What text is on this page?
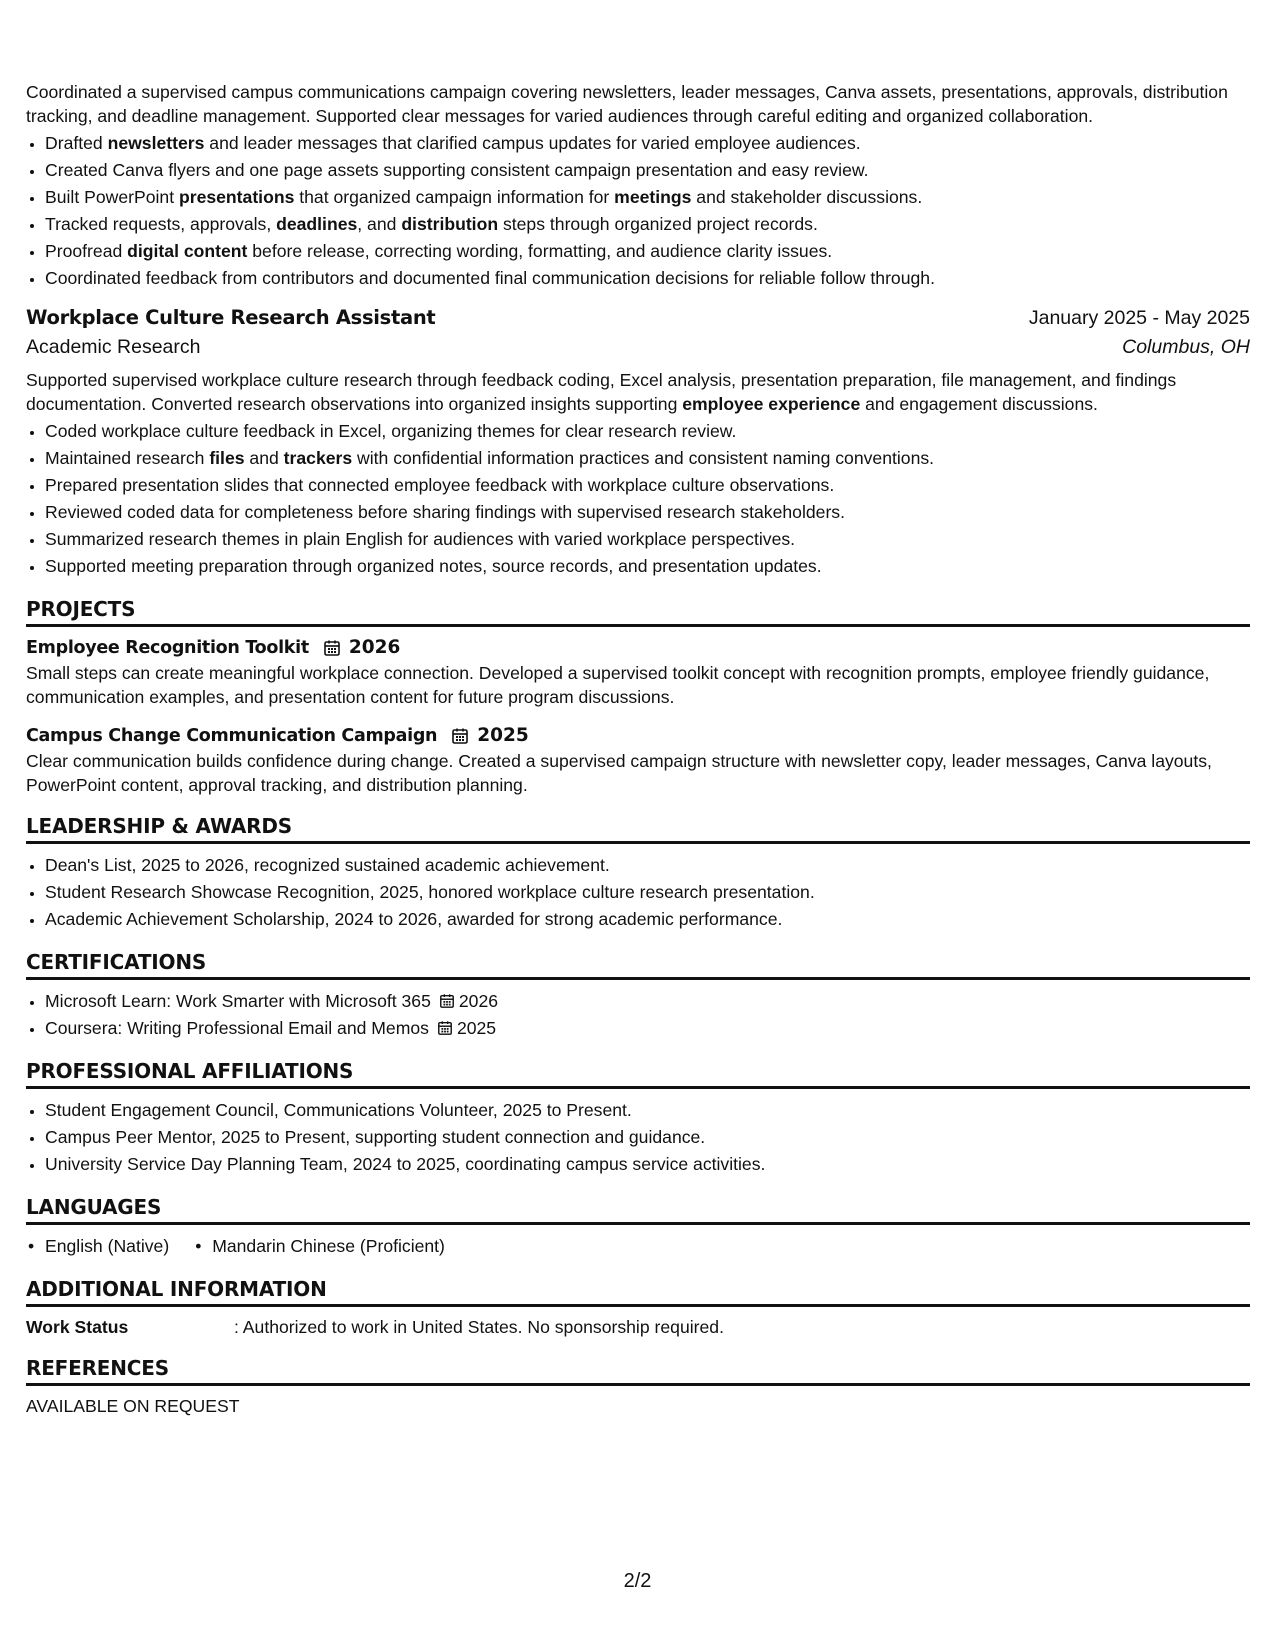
Coordinated a supervised campus communications campaign covering newsletters, leader messages, Canva assets, presentations, approvals, distribution tracking, and deadline management. Supported clear messages for varied audiences through careful editing and organized collaboration.

• Drafted newsletters and leader messages that clarified campus updates for varied employee audiences.
• Created Canva flyers and one page assets supporting consistent campaign presentation and easy review.
• Built PowerPoint presentations that organized campaign information for meetings and stakeholder discussions.
• Tracked requests, approvals, deadlines, and distribution steps through organized project records.
• Proofread digital content before release, correcting wording, formatting, and audience clarity issues.
• Coordinated feedback from contributors and documented final communication decisions for reliable follow through.
Workplace Culture Research Assistant	January 2025 - May 2025
Academic Research	Columbus, OH

Supported supervised workplace culture research through feedback coding, Excel analysis, presentation preparation, file management, and findings documentation. Converted research observations into organized insights supporting employee experience and engagement discussions.

• Coded workplace culture feedback in Excel, organizing themes for clear research review.
• Maintained research files and trackers with confidential information practices and consistent naming conventions.
• Prepared presentation slides that connected employee feedback with workplace culture observations.
• Reviewed coded data for completeness before sharing findings with supervised research stakeholders.
• Summarized research themes in plain English for audiences with varied workplace perspectives.
• Supported meeting preparation through organized notes, source records, and presentation updates.
PROJECTS
Employee Recognition Toolkit 2026

Small steps can create meaningful workplace connection. Developed a supervised toolkit concept with recognition prompts, employee friendly guidance, communication examples, and presentation content for future program discussions.

Campus Change Communication Campaign 2025

Clear communication builds confidence during change. Created a supervised campaign structure with newsletter copy, leader messages, Canva layouts, PowerPoint content, approval tracking, and distribution planning.

LEADERSHIP & AWARDS
• Dean's List, 2025 to 2026, recognized sustained academic achievement.
• Student Research Showcase Recognition, 2025, honored workplace culture research presentation.
• Academic Achievement Scholarship, 2024 to 2026, awarded for strong academic performance.
CERTIFICATIONS
• Microsoft Learn: Work Smarter with Microsoft 365 2026
• Coursera: Writing Professional Email and Memos 2025
PROFESSIONAL AFFILIATIONS
• Student Engagement Council, Communications Volunteer, 2025 to Present.
• Campus Peer Mentor, 2025 to Present, supporting student connection and guidance.
• University Service Day Planning Team, 2024 to 2025, coordinating campus service activities.
LANGUAGES
• English (Native)
•	Mandarin Chinese (Proficient)
ADDITIONAL INFORMATION
Work Status	: Authorized to work in United States. No sponsorship required.
REFERENCES

AVAILABLE ON REQUEST

2/2
